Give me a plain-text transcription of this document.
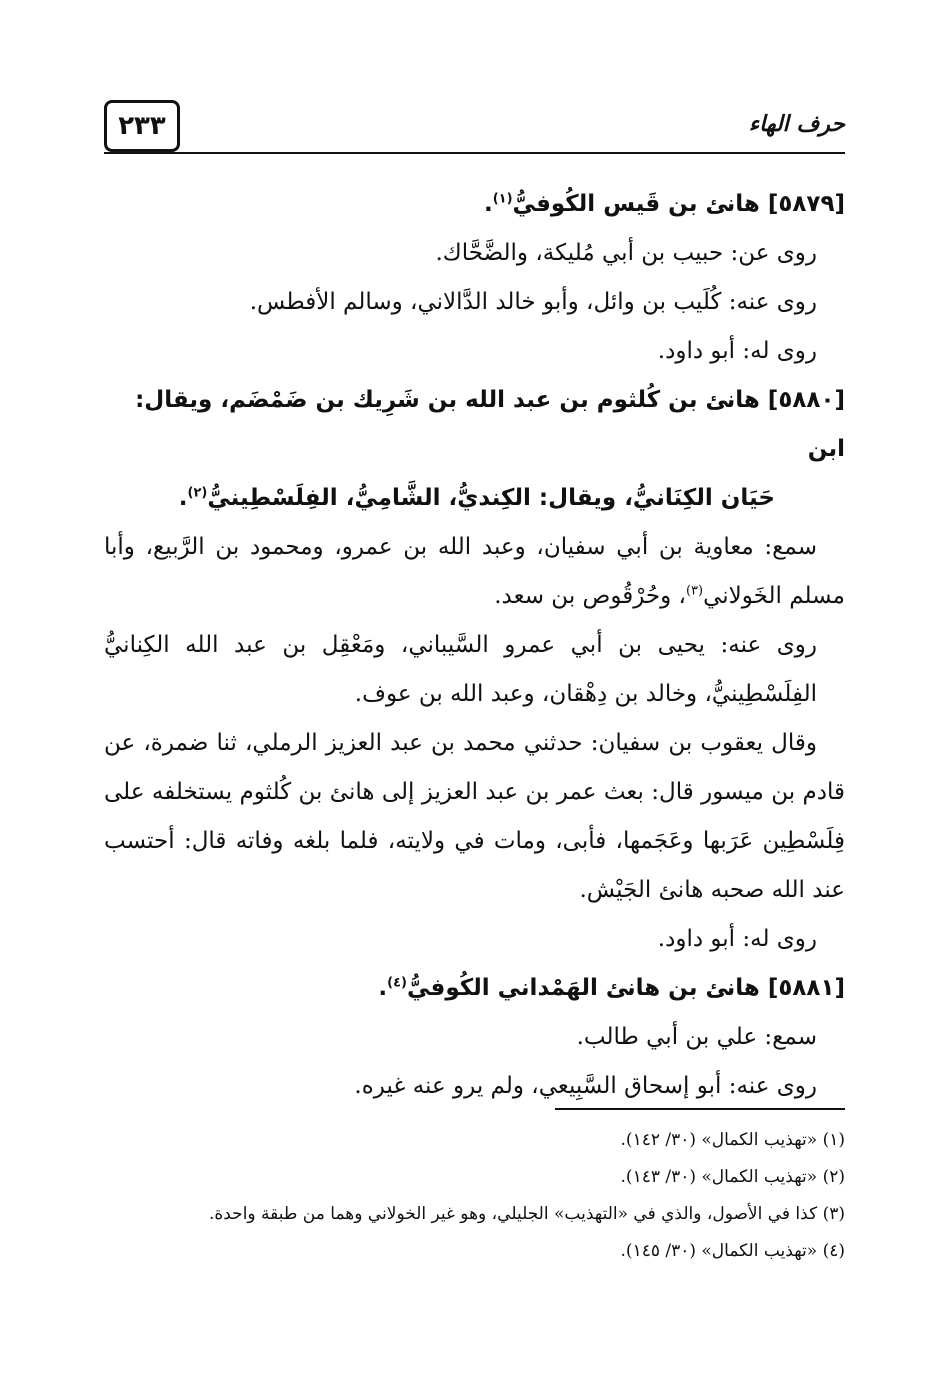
٢٣٣	حرف الهاء
[٥٨٧٩] هانئ بن قَيس الكُوفيُّ$^{(١)}$.
روى عن: حبيب بن أبي مُليكة، والضَّحَّاك.
روى عنه: كُلَيب بن وائل، وأبو خالد الدَّالاني، وسالم الأفطس.
روى له: أبو داود.
[٥٨٨٠] هانئ بن كُلثوم بن عبد الله بن شَرِيك بن ضَمْضَم، ويقال: ابن
حَيَان الكِنَانيُّ، ويقال: الكِنديُّ، الشَّامِيُّ، الفِلَسْطِينيُّ$^{(٢)}$.
سمع: معاوية بن أبي سفيان، وعبد الله بن عمرو، ومحمود بن الرَّبيع، وأبا مسلم الخَولاني$^{(٣)}$، وحُرْقُوص بن سعد.
روى عنه: يحيى بن أبي عمرو السَّيباني، ومَعْقِل بن عبد الله الكِنانيُّ الفِلَسْطِينيُّ، وخالد بن دِهْقان، وعبد الله بن عوف.
وقال يعقوب بن سفيان: حدثني محمد بن عبد العزيز الرملي، ثنا ضمرة، عن قادم بن ميسور قال: بعث عمر بن عبد العزيز إلى هانئ بن كُلثوم يستخلفه على فِلَسْطِين عَرَبها وعَجَمها، فأبى، ومات في ولايته، فلما بلغه وفاته قال: أحتسب عند الله صحبه هانئ الجَيْش.
روى له: أبو داود.
[٥٨٨١] هانئ بن هانئ الهَمْداني الكُوفيُّ$^{(٤)}$.
سمع: علي بن أبي طالب.
روى عنه: أبو إسحاق السَّبِيعي، ولم يرو عنه غيره.
(١) «تهذيب الكمال» (٣٠/ ١٤٢).
(٢) «تهذيب الكمال» (٣٠/ ١٤٣).
(٣) كذا في الأصول، والذي في «التهذيب» الجليلي، وهو غير الخولاني وهما من طبقة واحدة.
(٤) «تهذيب الكمال» (٣٠/ ١٤٥).
